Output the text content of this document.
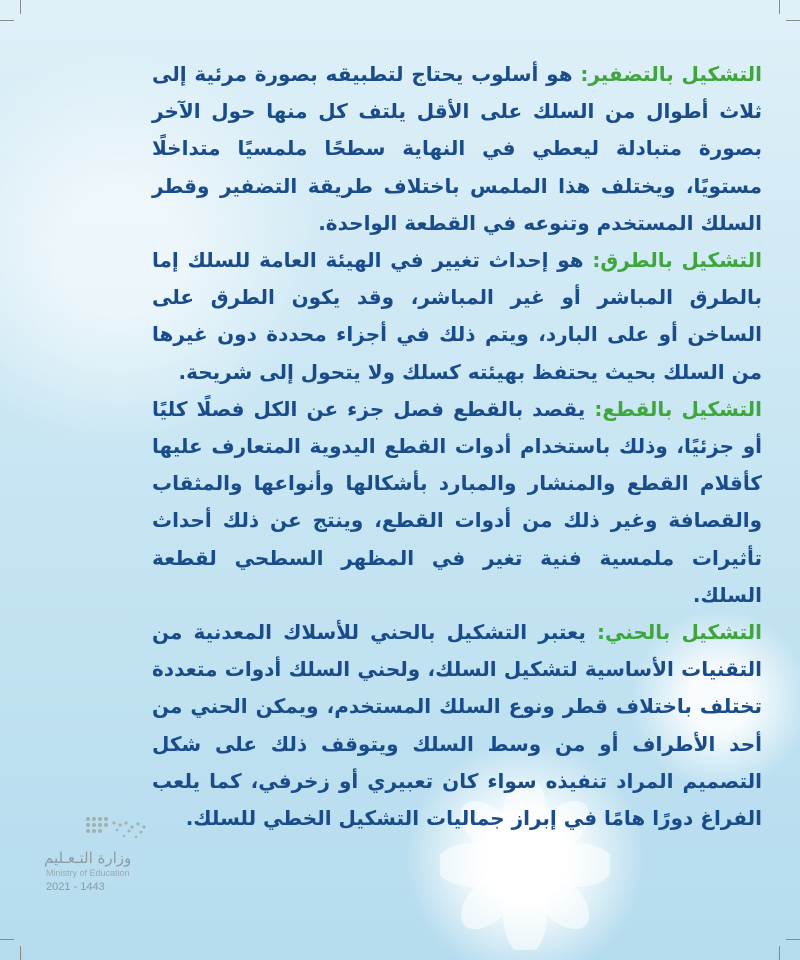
التشكيل بالتضفير: هو أسلوب يحتاج لتطبيقه بصورة مرئية إلى ثلاث أطوال من السلك على الأقل يلتف كل منها حول الآخر بصورة متبادلة ليعطي في النهاية سطحًا ملمسيًا متداخلًا مستويًا، ويختلف هذا الملمس باختلاف طريقة التضفير وقطر السلك المستخدم وتنوعه في القطعة الواحدة.

التشكيل بالطرق: هو إحداث تغيير في الهيئة العامة للسلك إما بالطرق المباشر أو غير المباشر، وقد يكون الطرق على الساخن أو على البارد، ويتم ذلك في أجزاء محددة دون غيرها من السلك بحيث يحتفظ بهيئته كسلك ولا يتحول إلى شريحة.

التشكيل بالقطع: يقصد بالقطع فصل جزء عن الكل فصلًا كليًا أو جزئيًا، وذلك باستخدام أدوات القطع اليدوية المتعارف عليها كأقلام القطع والمنشار والمبارد بأشكالها وأنواعها والمثقاب والقصافة وغير ذلك من أدوات القطع، وينتج عن ذلك أحداث تأثيرات ملمسية فنية تغير في المظهر السطحي لقطعة السلك.

التشكيل بالحني: يعتبر التشكيل بالحني للأسلاك المعدنية من التقنيات الأساسية لتشكيل السلك، ولحني السلك أدوات متعددة تختلف باختلاف قطر ونوع السلك المستخدم، ويمكن الحني من أحد الأطراف أو من وسط السلك ويتوقف ذلك على شكل التصميم المراد تنفيذه سواء كان تعبيري أو زخرفي، كما يلعب الفراغ دورًا هامًا في إبراز جماليات التشكيل الخطي للسلك.

وزارة التـعـليم
Ministry of Education
2021 - 1443
